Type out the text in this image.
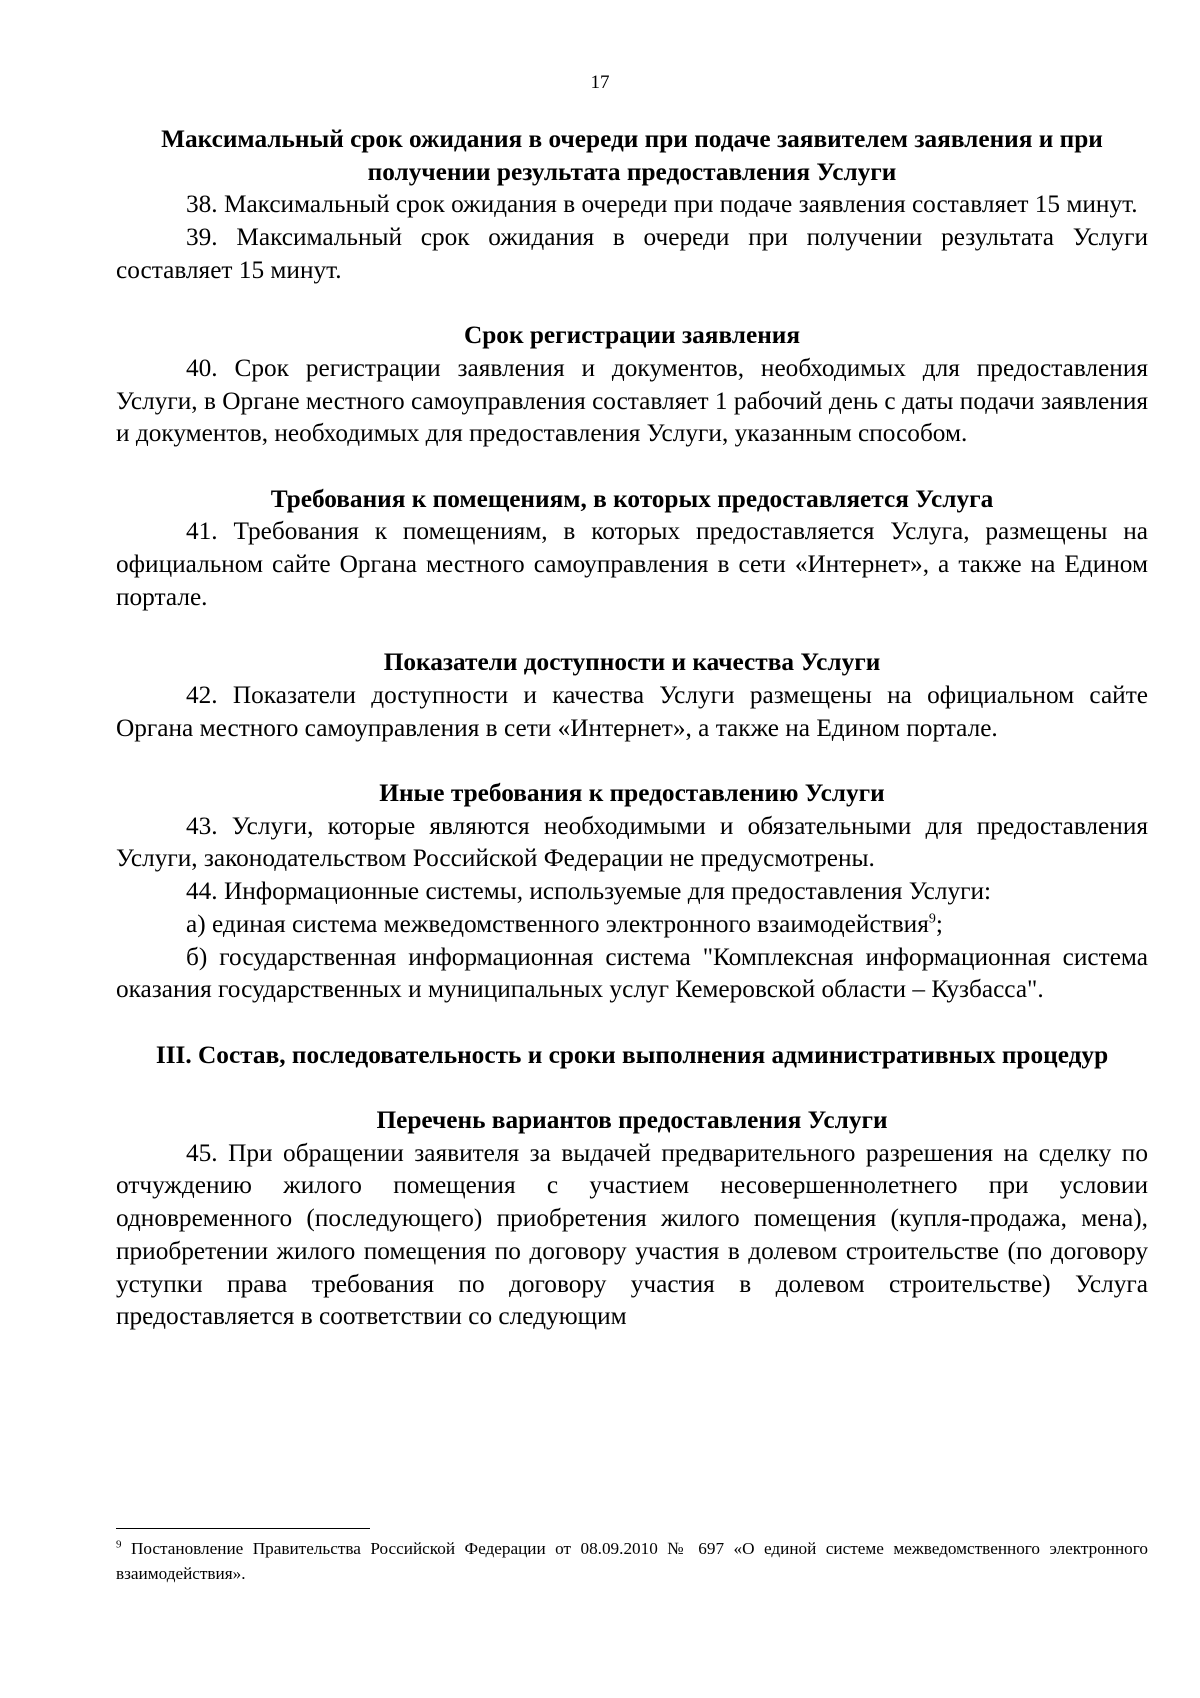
17
Максимальный срок ожидания в очереди при подаче заявителем заявления и при получении результата предоставления Услуги

38. Максимальный срок ожидания в очереди при подаче заявления составляет 15 минут.

39. Максимальный срок ожидания в очереди при получении результата Услуги составляет 15 минут.

Срок регистрации заявления

40. Срок регистрации заявления и документов, необходимых для предоставления Услуги, в Органе местного самоуправления составляет 1 рабочий день с даты подачи заявления и документов, необходимых для предоставления Услуги, указанным способом.

Требования к помещениям, в которых предоставляется Услуга

41. Требования к помещениям, в которых предоставляется Услуга, размещены на официальном сайте Органа местного самоуправления в сети «Интернет», а также на Едином портале.

Показатели доступности и качества Услуги

42. Показатели доступности и качества Услуги размещены на официальном сайте Органа местного самоуправления в сети «Интернет», а также на Едином портале.

Иные требования к предоставлению Услуги

43. Услуги, которые являются необходимыми и обязательными для предоставления Услуги, законодательством Российской Федерации не предусмотрены.

44. Информационные системы, используемые для предоставления Услуги:

а) единая система межведомственного электронного взаимодействия$^9$;

б) государственная информационная система "Комплексная информационная система оказания государственных и муниципальных услуг Кемеровской области – Кузбасса".

III. Состав, последовательность и сроки выполнения административных процедур
Перечень вариантов предоставления Услуги

45. При обращении заявителя за выдачей предварительного разрешения на сделку по отчуждению жилого помещения с участием несовершеннолетнего при условии одновременного (последующего) приобретения жилого помещения (купля-продажа, мена), приобретении жилого помещения по договору участия в долевом строительстве (по договору уступки права требования по договору участия в долевом строительстве) Услуга предоставляется в соответствии со следующим

$^9$ Постановление Правительства Российской Федерации от 08.09.2010 № 697 «О единой системе межведомственного электронного взаимодействия».
